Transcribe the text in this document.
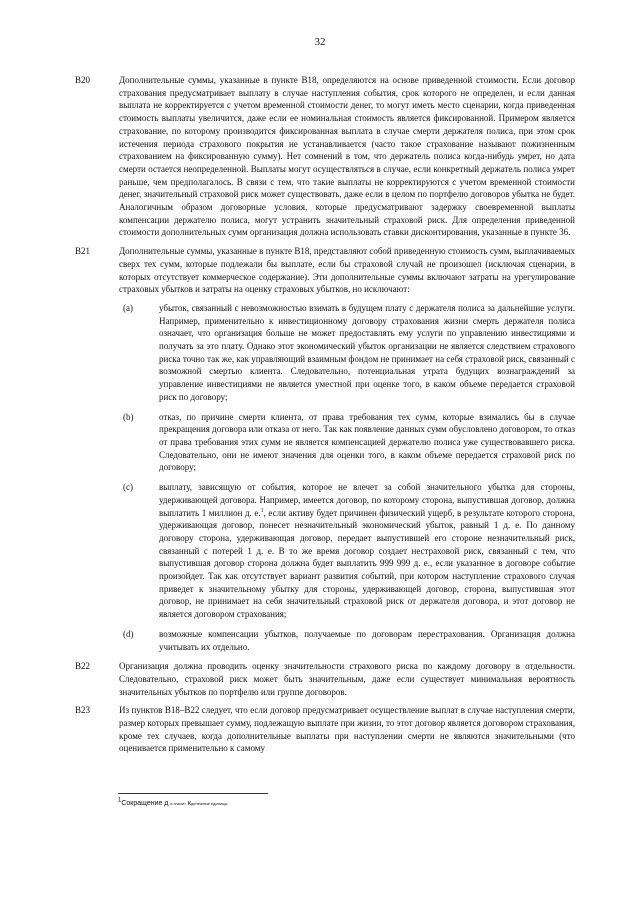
32
B20	Дополнительные суммы, указанные в пункте B18, определяются на основе приведенной стоимости. Если договор страхования предусматривает выплату в случае наступления события, срок которого не определен, и если данная выплата не корректируется с учетом временной стоимости денег, то могут иметь место сценарии, когда приведенная стоимость выплаты увеличится, даже если ее номинальная стоимость является фиксированной. Примером является страхование, по которому производится фиксированная выплата в случае смерти держателя полиса, при этом срок истечения периода страхового покрытия не устанавливается (часто такое страхование называют пожизненным страхованием на фиксированную сумму). Нет сомнений в том, что держатель полиса когда-нибудь умрет, но дата смерти остается неопределенной. Выплаты могут осуществляться в случае, если конкретный держатель полиса умрет раньше, чем предполагалось. В связи с тем, что такие выплаты не корректируются с учетом временной стоимости денег, значительный страховой риск может существовать, даже если в целом по портфелю договоров убытка не будет. Аналогичным образом договорные условия, которые предусматривают задержку своевременной выплаты компенсации держателю полиса, могут устранить значительный страховой риск. Для определения приведенной стоимости дополнительных сумм организация должна использовать ставки дисконтирования, указанные в пункте 36.

B21	Дополнительные суммы, указанные в пункте B18, представляют собой приведенную стоимость сумм, выплачиваемых сверх тех сумм, которые подлежали бы выплате, если бы страховой случай не произошел (исключая сценарии, в которых отсутствует коммерческое содержание). Эти дополнительные суммы включают затраты на урегулирование страховых убытков и затраты на оценку страховых убытков, но исключают:

(a)	убыток, связанный с невозможностью взимать в будущем плату с держателя полиса за дальнейшие услуги. Например, применительно к инвестиционному договору страхования жизни смерть держателя полиса означает, что организация больше не может предоставлять ему услуги по управлению инвестициями и получать за это плату. Однако этот экономический убыток организации не является следствием страхового риска точно так же, как управляющий взаимным фондом не принимает на себя страховой риск, связанный с возможной смертью клиента. Следовательно, потенциальная утрата будущих вознаграждений за управление инвестициями не является уместной при оценке того, в каком объеме передается страховой риск по договору;

(b)	отказ, по причине смерти клиента, от права требования тех сумм, которые взимались бы в случае прекращения договора или отказа от него. Так как появление данных сумм обусловлено договором, то отказ от права требования этих сумм не является компенсацией держателю полиса уже существовавшего риска. Следовательно, они не имеют значения для оценки того, в каком объеме передается страховой риск по договору;

(c)	выплату, зависящую от события, которое не влечет за собой значительного убытка для стороны, удерживающей договора. Например, имеется договор, по которому сторона, выпустившая договор, должна выплатить 1 миллион д. е.$^1$, если активу будет причинен физический ущерб, в результате которого сторона, удерживающая договор, понесет незначительный экономический убыток, равный 1 д. е. По данному договору сторона, удерживающая договор, передает выпустившей его стороне незначительный риск, связанный с потерей 1 д. е. В то же время договор создает нестраховой риск, связанный с тем, что выпустившая договор сторона должна будет выплатить 999 999 д. е., если указанное в договоре событие произойдет. Так как отсутствует вариант развития событий, при котором наступление страхового случая приведет к значительному убытку для стороны, удерживающей договор, сторона, выпустившая этот договор, не принимает на себя значительный страховой риск от держателя договора, и этот договор не является договором страхования;

(d)	возможные компенсации убытков, получаемые по договорам перестрахования. Организация должна учитывать их отдельно.

B22	Организация должна проводить оценку значительности страхового риска по каждому договору в отдельности. Следовательно, страховой риск может быть значительным, даже если существует минимальная вероятность значительных убытков по портфелю или группе договоров.

B23	Из пунктов B18–B22 следует, что если договор предусматривает осуществление выплат в случае наступления смерти, размер которых превышает сумму, подлежащую выплате при жизни, то этот договор является договором страхования, кроме тех случаев, когда дополнительные выплаты при наступлении смерти не являются значительными (что оценивается применительно к самому

1Сокращение д в значит кденежные единицы.
